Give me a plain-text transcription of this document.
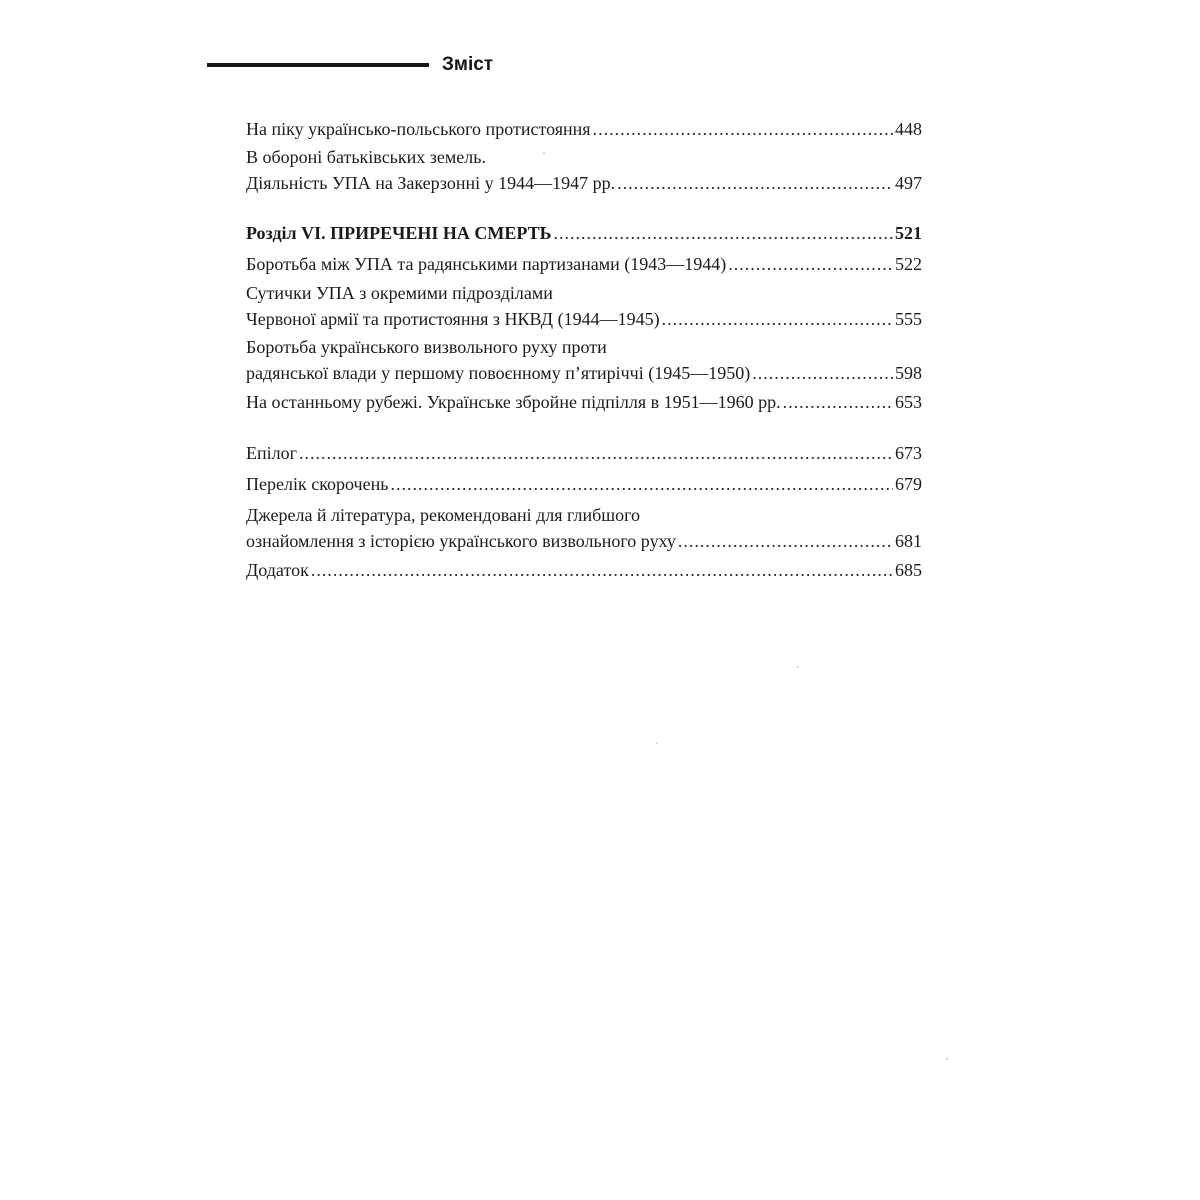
Зміст
На піку українсько-польського протистояння .....	448
В обороні батьківських земель.
Діяльність УПА на Закерзонні у 1944—1947 рр. .....	497
Розділ VI. ПРИРЕЧЕНІ НА СМЕРТЬ .....	521
Боротьба між УПА та радянськими партизанами (1943—1944) .....	522
Сутички УПА з окремими підрозділами
Червоної армії та протистояння з НКВД (1944—1945) .....	555
Боротьба українського визвольного руху проти
радянської влади у першому повоєнному п’ятиріччі (1945—1950) .....	598
На останньому рубежі. Українське збройне підпілля в 1951—1960 рр. .....	653
Епілог .....	673
Перелік скорочень .....	679
Джерела й література, рекомендовані для глибшого
ознайомлення з історією українського визвольного руху .....	681
Додаток .....	685
